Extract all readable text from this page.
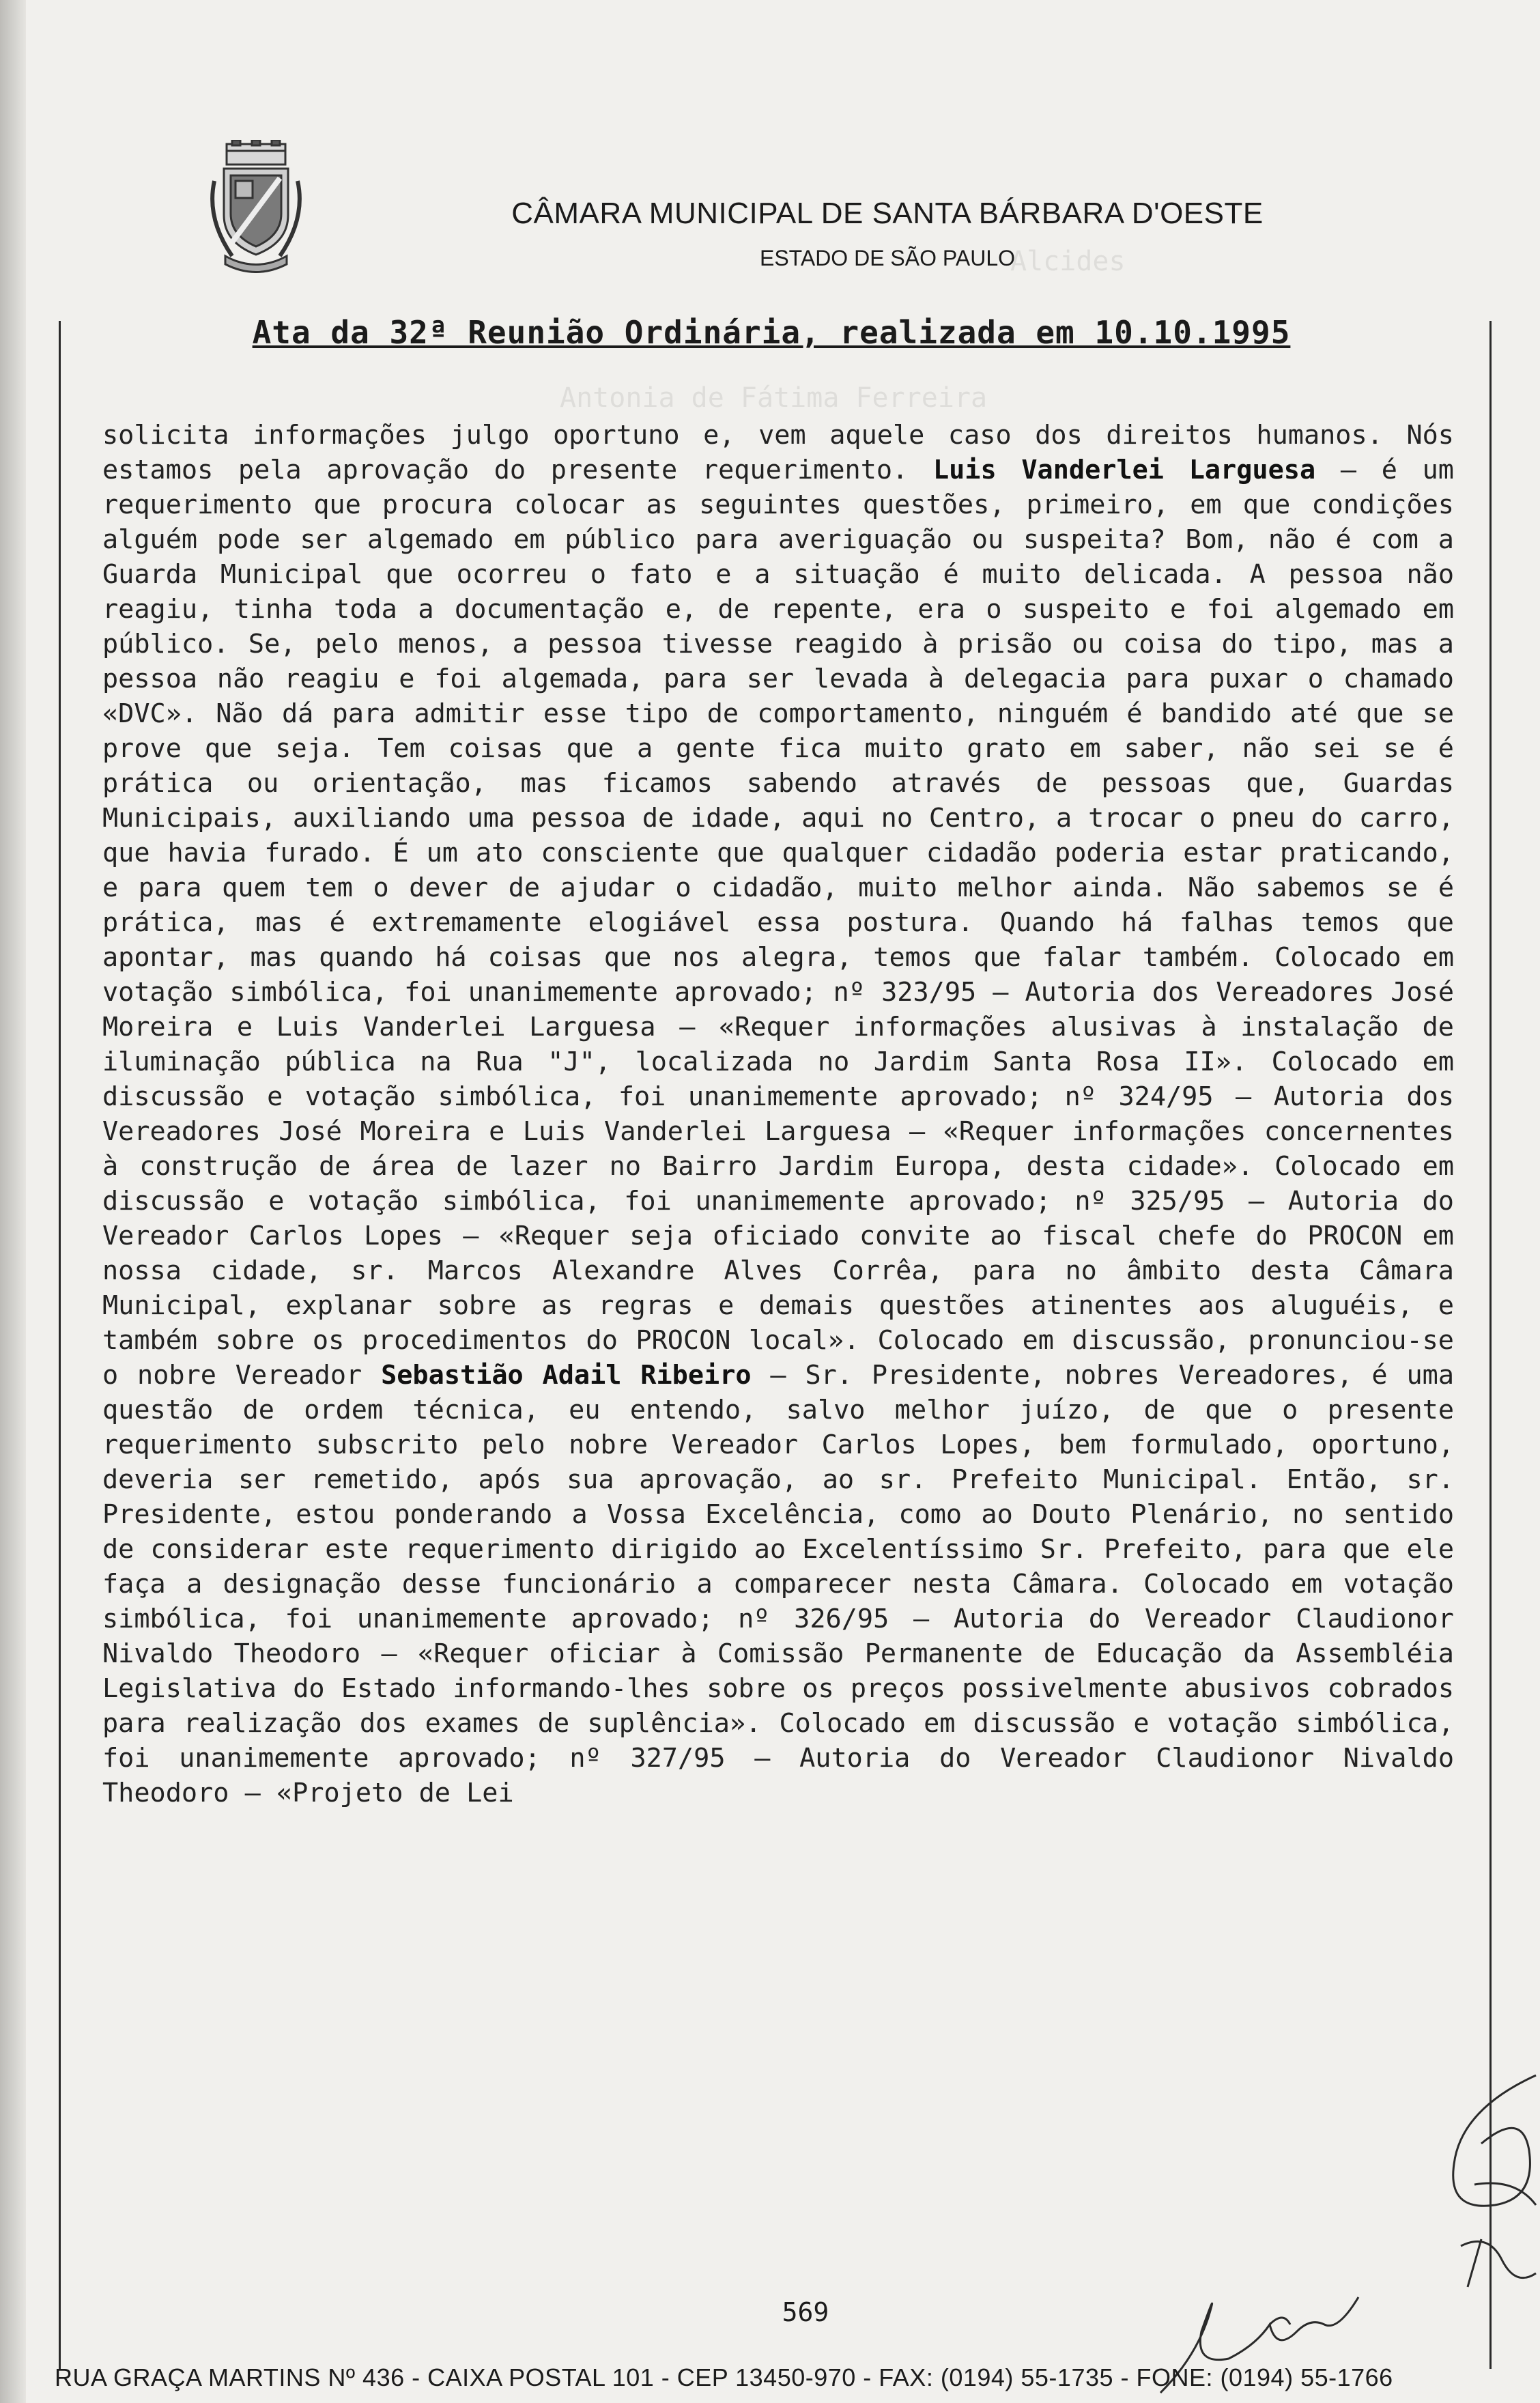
CÂMARA MUNICIPAL DE SANTA BÁRBARA D'OESTE
ESTADO DE SÃO PAULO
Alcides
Antonia de Fátima Ferreira
Ata da 32ª Reunião Ordinária, realizada em 10.10.1995
solicita informações julgo oportuno e, vem aquele caso dos direitos humanos. Nós estamos pela aprovação do presente requerimento. Luis Vanderlei Larguesa – é um requerimento que procura colocar as seguintes questões, primeiro, em que condições alguém pode ser algemado em público para averiguação ou suspeita? Bom, não é com a Guarda Municipal que ocorreu o fato e a situação é muito delicada. A pessoa não reagiu, tinha toda a documentação e, de repente, era o suspeito e foi algemado em público. Se, pelo menos, a pessoa tivesse reagido à prisão ou coisa do tipo, mas a pessoa não reagiu e foi algemada, para ser levada à delegacia para puxar o chamado «DVC». Não dá para admitir esse tipo de comportamento, ninguém é bandido até que se prove que seja. Tem coisas que a gente fica muito grato em saber, não sei se é prática ou orientação, mas ficamos sabendo através de pessoas que, Guardas Municipais, auxiliando uma pessoa de idade, aqui no Centro, a trocar o pneu do carro, que havia furado. É um ato consciente que qualquer cidadão poderia estar praticando, e para quem tem o dever de ajudar o cidadão, muito melhor ainda. Não sabemos se é prática, mas é extremamente elogiável essa postura. Quando há falhas temos que apontar, mas quando há coisas que nos alegra, temos que falar também. Colocado em votação simbólica, foi unanimemente aprovado; nº 323/95 – Autoria dos Vereadores José Moreira e Luis Vanderlei Larguesa – «Requer informações alusivas à instalação de iluminação pública na Rua "J", localizada no Jardim Santa Rosa II». Colocado em discussão e votação simbólica, foi unanimemente aprovado; nº 324/95 – Autoria dos Vereadores José Moreira e Luis Vanderlei Larguesa – «Requer informações concernentes à construção de área de lazer no Bairro Jardim Europa, desta cidade». Colocado em discussão e votação simbólica, foi unanimemente aprovado; nº 325/95 – Autoria do Vereador Carlos Lopes – «Requer seja oficiado convite ao fiscal chefe do PROCON em nossa cidade, sr. Marcos Alexandre Alves Corrêa, para no âmbito desta Câmara Municipal, explanar sobre as regras e demais questões atinentes aos aluguéis, e também sobre os procedimentos do PROCON local». Colocado em discussão, pronunciou-se o nobre Vereador Sebastião Adail Ribeiro – Sr. Presidente, nobres Vereadores, é uma questão de ordem técnica, eu entendo, salvo melhor juízo, de que o presente requerimento subscrito pelo nobre Vereador Carlos Lopes, bem formulado, oportuno, deveria ser remetido, após sua aprovação, ao sr. Prefeito Municipal. Então, sr. Presidente, estou ponderando a Vossa Excelência, como ao Douto Plenário, no sentido de considerar este requerimento dirigido ao Excelentíssimo Sr. Prefeito, para que ele faça a designação desse funcionário a comparecer nesta Câmara. Colocado em votação simbólica, foi unanimemente aprovado; nº 326/95 – Autoria do Vereador Claudionor Nivaldo Theodoro – «Requer oficiar à Comissão Permanente de Educação da Assembléia Legislativa do Estado informando-lhes sobre os preços possivelmente abusivos cobrados para realização dos exames de suplência». Colocado em discussão e votação simbólica, foi unanimemente aprovado; nº 327/95 – Autoria do Vereador Claudionor Nivaldo Theodoro – «Projeto de Lei
569
RUA GRAÇA MARTINS Nº 436 - CAIXA POSTAL 101 - CEP 13450-970 - FAX: (0194) 55-1735 - FONE: (0194) 55-1766
